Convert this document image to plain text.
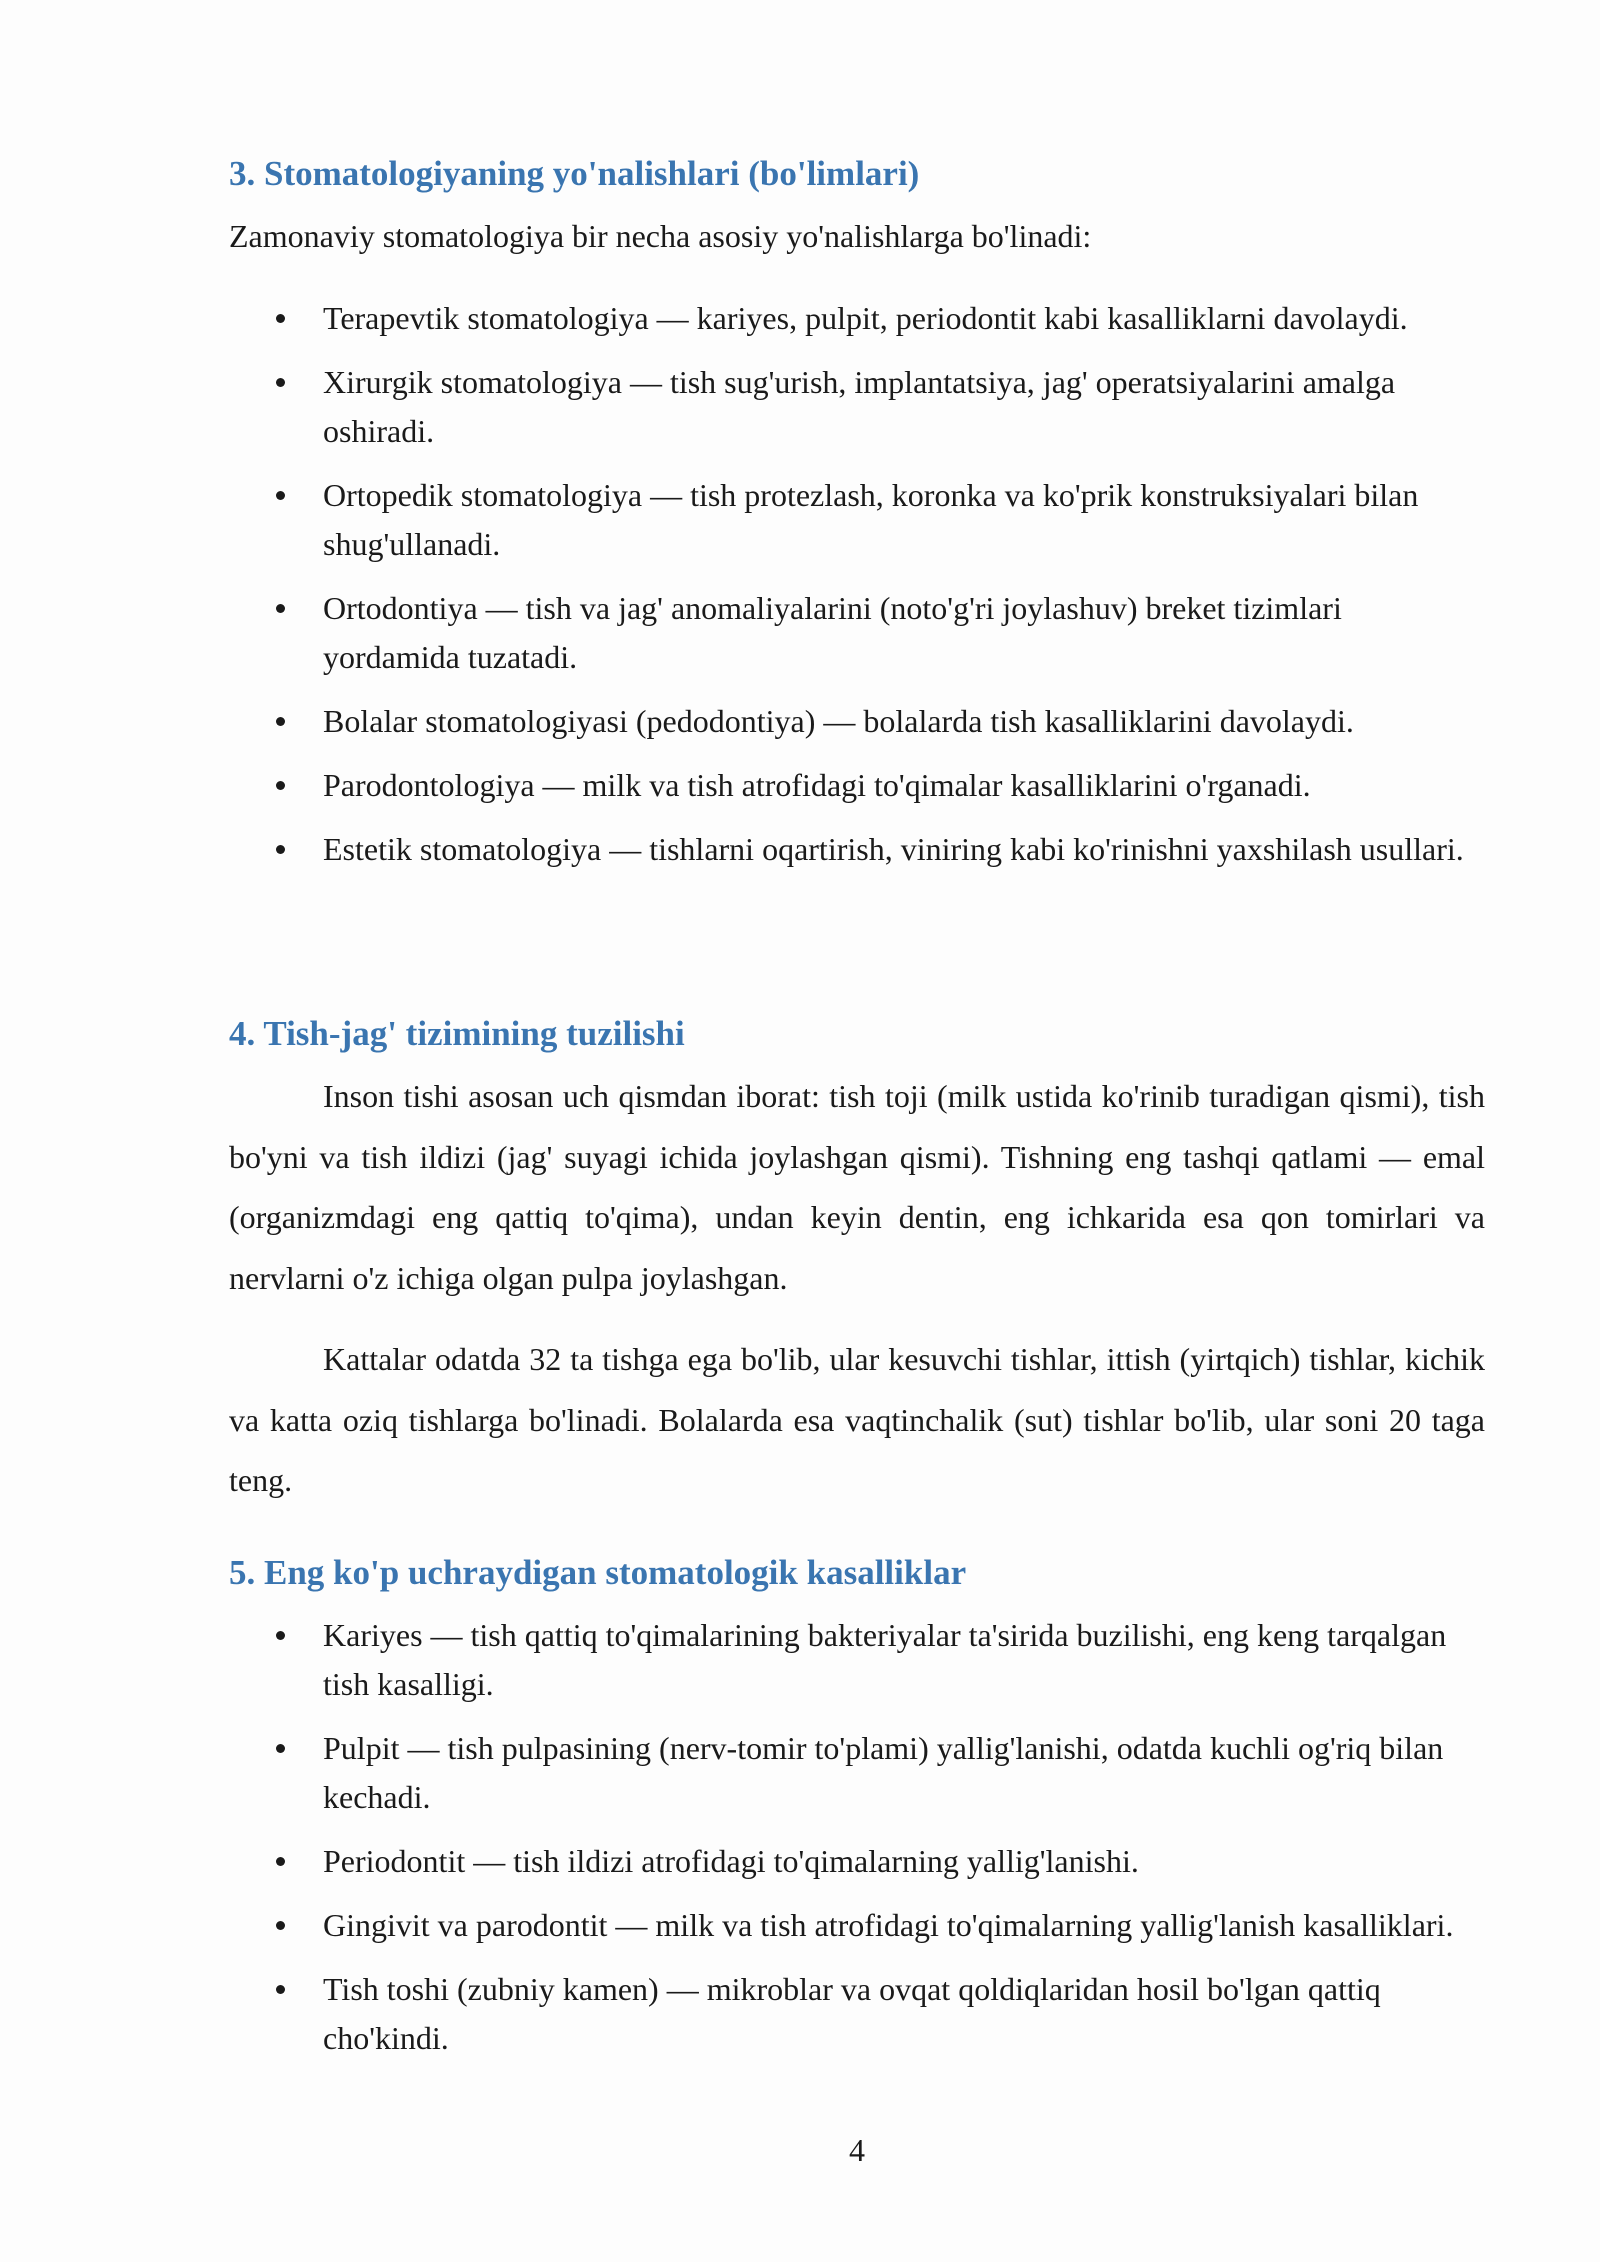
3. Stomatologiyaning yo'nalishlari (bo'limlari)

Zamonaviy stomatologiya bir necha asosiy yo'nalishlarga bo'linadi:

Terapevtik stomatologiya — kariyes, pulpit, periodontit kabi kasalliklarni davolaydi.
Xirurgik stomatologiya — tish sug'urish, implantatsiya, jag' operatsiyalarini amalga oshiradi.
Ortopedik stomatologiya — tish protezlash, koronka va ko'prik konstruksiyalari bilan shug'ullanadi.
Ortodontiya — tish va jag' anomaliyalarini (noto'g'ri joylashuv) breket tizimlari yordamida tuzatadi.
Bolalar stomatologiyasi (pedodontiya) — bolalarda tish kasalliklarini davolaydi.
Parodontologiya — milk va tish atrofidagi to'qimalar kasalliklarini o'rganadi.
Estetik stomatologiya — tishlarni oqartirish, viniring kabi ko'rinishni yaxshilash usullari.
4. Tish-jag' tizimining tuzilishi

Inson tishi asosan uch qismdan iborat: tish toji (milk ustida ko'rinib turadigan qismi), tish bo'yni va tish ildizi (jag' suyagi ichida joylashgan qismi). Tishning eng tashqi qatlami — emal (organizmdagi eng qattiq to'qima), undan keyin dentin, eng ichkarida esa qon tomirlari va nervlarni o'z ichiga olgan pulpa joylashgan.

Kattalar odatda 32 ta tishga ega bo'lib, ular kesuvchi tishlar, ittish (yirtqich) tishlar, kichik va katta oziq tishlarga bo'linadi. Bolalarda esa vaqtinchalik (sut) tishlar bo'lib, ular soni 20 taga teng.

5. Eng ko'p uchraydigan stomatologik kasalliklar
Kariyes — tish qattiq to'qimalarining bakteriyalar ta'sirida buzilishi, eng keng tarqalgan tish kasalligi.
Pulpit — tish pulpasining (nerv-tomir to'plami) yallig'lanishi, odatda kuchli og'riq bilan kechadi.
Periodontit — tish ildizi atrofidagi to'qimalarning yallig'lanishi.
Gingivit va parodontit — milk va tish atrofidagi to'qimalarning yallig'lanish kasalliklari.
Tish toshi (zubniy kamen) — mikroblar va ovqat qoldiqlaridan hosil bo'lgan qattiq cho'kindi.
4
